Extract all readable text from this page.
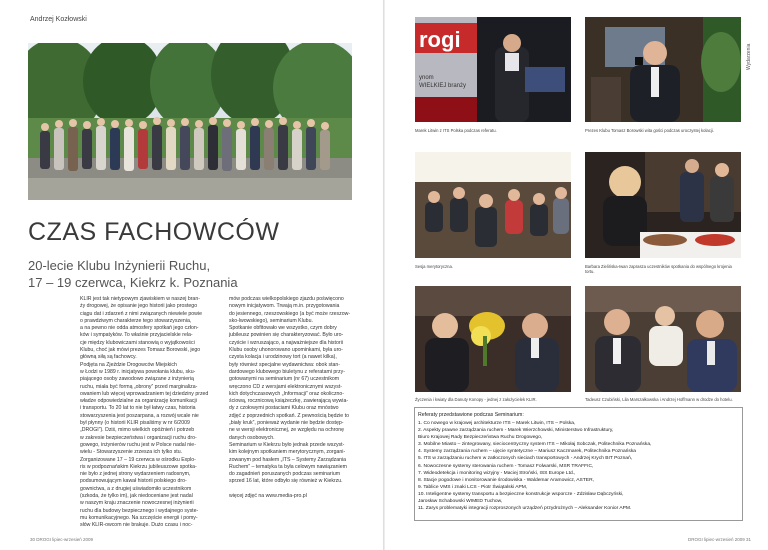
Andrzej Kozłowski
CZAS FACHOWCÓW
20-lecie Klubu Inżynierii Ruchu,
17 – 19 czerwca, Kiekrz k. Poznania
KLIR jest tak nietypowym zjawiskiem w naszej bran-
ży drogowej, że opisanie jego historii jako prostego
ciągu dat i zdarzeń z nimi związanych niewiele powie
o prawdziwym charakterze tego stowarzyszenia,
a na pewno nie odda atmosfery spotkań jego człon-
ków i sympatyków. To właśnie przyjacielskie rela-
cje między klubowiczami stanowią o wyjątkowości
Klubu, choć jak mówi prezes Tomasz Borowski, jego
główną siłą są fachowcy.
Podjęta na Zjeździe Drogowców Miejskich
w Łodzi w 1989 r. inicjatywa powołania klubu, sku-
piającego osoby zawodowo związane z inżynierią
ruchu, miała być formą „obrony” przed marginaliza-
owaniem lub więcej wprowadzaniem tej dziedziny przed
władze odpowiedzialne za organizację komunikacji
i transportu. To 20 lat to nie był łatwy czas, historia
stowarzyszenia jest poszarpana, a rozwój wcale nie
był płynny (o historii KLIR pisaliśmy w nr 6/2009
„DROGI”). Dziś, mimo wielkich opóźnień i potrzeb
w zakresie bezpieczeństwa i organizacji ruchu dro-
gowego, inżynierów ruchu jest w Polsce nadal nie-
wielu - Stowarzyszenie zrzesza ich tylko stu.
Zorganizowane 17 – 19 czerwca w ośrodku Explo-
ris w podpoznańskim Kiekrzu jubileuszowe spotka-
nie było z jednej strony wydarzeniem radosnym,
podsumowującym kawał historii polskiego dro-
gownictwa, a z drugiej uświadomiło uczestnikom
(szkoda, że tylko im), jak niedoceniane jest nadal
w naszym kraju znaczenie nowoczesnej inżynierii
ruchu dla budowy bezpiecznego i wydajnego syste-
mu komunikacyjnego. Na szczęście energii i pomy-
słów KLIR-owcom nie brakuje. Dużo czasu i noc-
mów podczas wielkopolskiego zjazdu poświęcono
nowym inicjatywom. Trwają m.in. przygotowania
do jesiennego, rzeszowskiego (a być może rzeszow-
sko-lwowskiego), seminarium Klubu.
Spotkanie obfitowało we wszystko, czym dobry
jubileusz powinien się charakteryzować. Było uro-
czyście i wzruszająco, a najważniejsze dla historii
Klubu osoby uhonorowano upominkami, była uro-
czysta kolacja i urodzinowy tort (a nawet kilka),
były również specjalne wydawnictwa: obok stan-
dardowego klubowego biuletynu z referatami przy-
gotowanymi na seminarium (nr 67) uczestnikom
wręczono CD z wersjami elektronicznymi wszyst-
kich dotychczasowych „Informacji” oraz okoliczno-
ściową, rocznicową książeczkę, zawierającą wywia-
dy z czołowymi postaciami Klubu oraz mnóstwo
zdjęć z poprzednich spotkań. Z pewnością będzie to
„biały kruk”, ponieważ wydanie nie będzie dostęp-
ne w wersji elektronicznej, ze względu na ochronę
danych osobowych.
Seminarium w Kiekrzu było jednak przede wszyst-
kim kolejnym spotkaniem merytorycznym, zorgani-
zowanym pod hasłem „ITS – Systemy Zarządzania
Ruchem” – tematyka ta była celowym nawiązaniem
do zagadnień poruszanych podczas seminarium
sprzed 16 lat, które odbyło się również w Kiekrzu.

więcej zdjęć na www.media-pro.pl
30 DROGI lipiec-wrzesień 2009
Wydarzenia
rogi
ynom
WIELKIEJ branży
Marek Litwin z ITS Polska podczas referatu.	Prezes Klubu Tomasz Borowski wita gości podczas uroczystej kolacji.
Sesja merytoryczna.	Barbara Zielińska-Iwan zaprasza uczestników spotkania do wspólnego krojenia tortu.
Życzenia i kwiaty dla Danuty Konopy - jednej z założycielek KLIR.	Tadeusz Czubiński, Lila Marszałkowska i Andrzej Hoffmann w drodze do hotelu.
Referaty przedstawione podczas Seminarium:
1. Co nowego w krajowej architekturze ITS – Marek Litwin, ITS – Polska,
2. Aspekty prawne zarządzania ruchem - Marek Wierzchowski, Ministerstwo Infrastruktury,
Biuro Krajowej Rady Bezpieczeństwa Ruchu Drogowego,
3. Mobilne Miasto – zintegrowany, sieciocentryczny system ITS – Mikołaj Sobczak, Politechnika Poznańska,
4. Systemy zarządzania ruchem – ujęcie syntetyczne – Mariusz Kaczmarek, Politechnika Poznańska
5. ITS w zarządzaniu ruchem w zatłoczonych sieciach transportowych - Andrzej Krych BIT Poznań,
6. Nowoczesne systemy sterowania ruchem - Tomasz Folwarski, MSR TRAFFIC,
7. Wideodetekcja i monitoring wizyjny - Maciej Stroński, ISS Europe Ltd.,
8. Stacje pogodowe i monitorowanie środowiska - Waldemar Aramowicz, ASTER,
9. Tablice VMS i znaki LCS - Piotr Świątalski APM,
10. Inteligentne systemy transportu a bezpieczne konstrukcje wsporcze - Zdzisław Dąbczyński,
Jarosław Schabowski WIMED Tuchow,
11. Zarys problematyki integracji rozproszonych urządzeń przydrożnych – Aleksander Konior APM.
DROGI lipiec-wrzesień 2009 31
